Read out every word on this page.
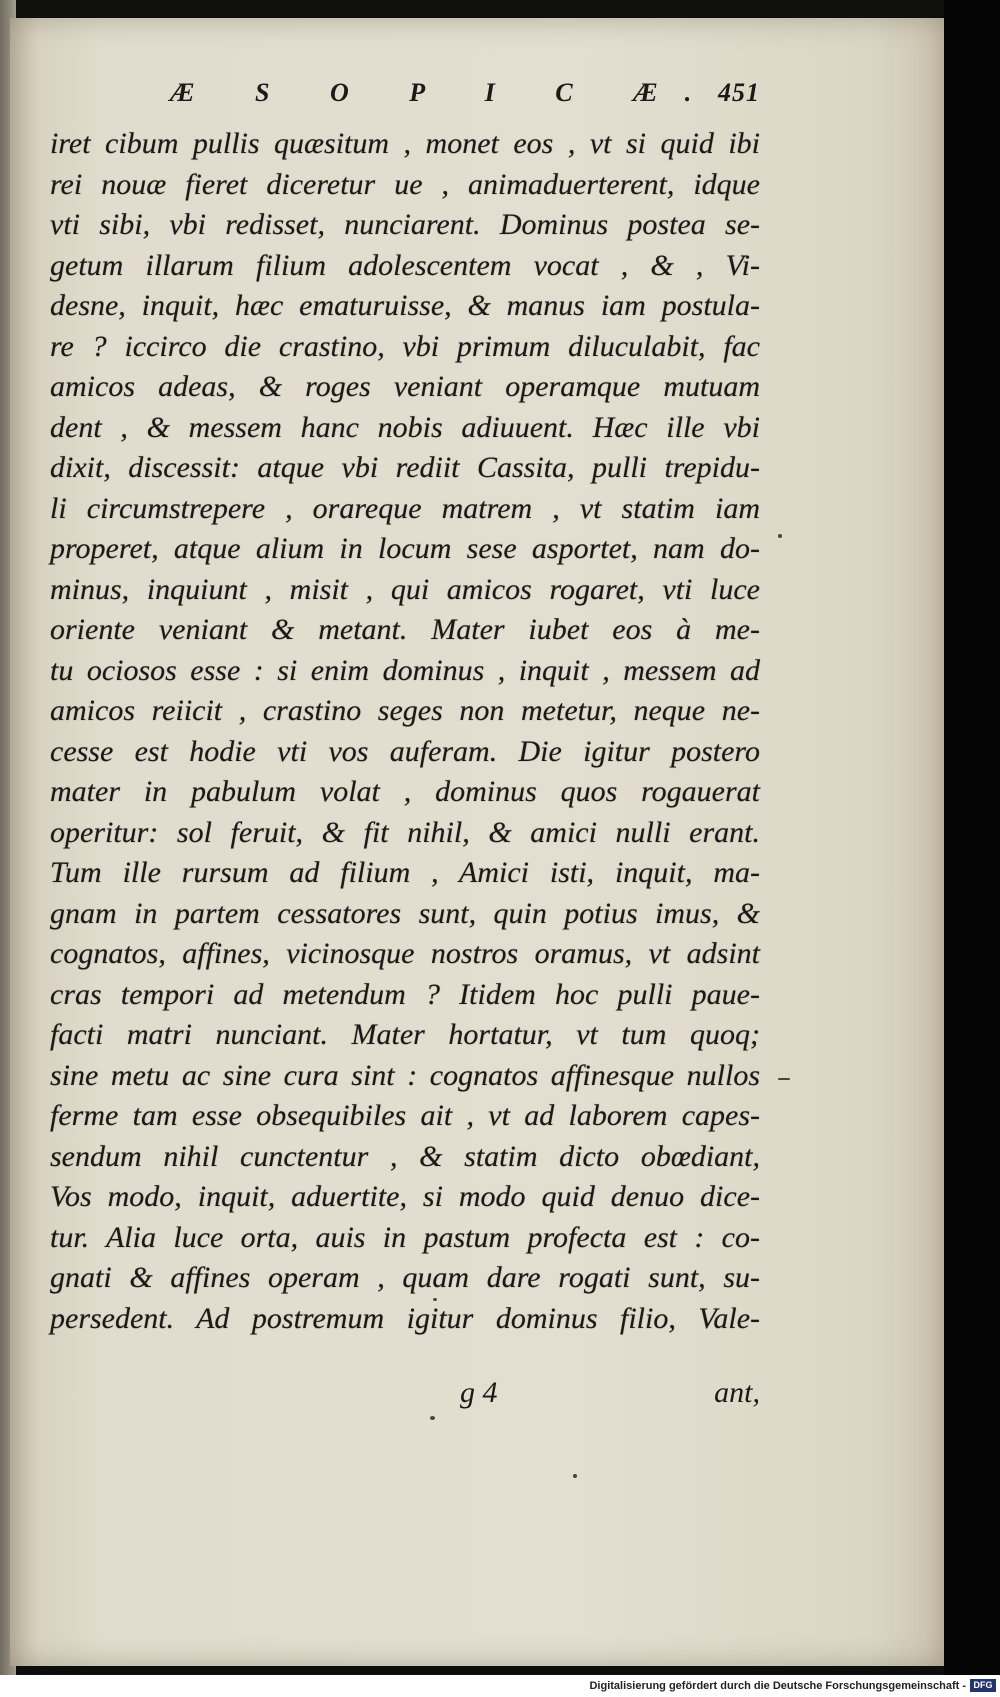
Æ S O P I C Æ. 451
iret cibum pullis quæsitum , monet eos , vt si quid ibi
rei nouæ fieret diceretur ue , animaduerterent, idque
vti sibi, vbi redisset, nunciarent. Dominus postea se-
getum illarum filium adolescentem vocat , & , Vi-
desne, inquit, hæc ematuruisse, & manus iam postula-
re ? iccirco die crastino, vbi primum diluculabit, fac
amicos adeas, & roges veniant operamque mutuam
dent , & messem hanc nobis adiuuent. Hæc ille vbi
dixit, discessit: atque vbi rediit Cassita, pulli trepidu-
li circumstrepere , orareque matrem , vt statim iam
properet, atque alium in locum sese asportet, nam do-
minus, inquiunt , misit , qui amicos rogaret, vti luce
oriente veniant & metant. Mater iubet eos à me-
tu ociosos esse : si enim dominus , inquit , messem ad
amicos reiicit , crastino seges non metetur, neque ne-
cesse est hodie vti vos auferam. Die igitur postero
mater in pabulum volat , dominus quos rogauerat
operitur: sol feruit, & fit nihil, & amici nulli erant.
Tum ille rursum ad filium , Amici isti, inquit, ma-
gnam in partem cessatores sunt, quin potius imus, &
cognatos, affines, vicinosque nostros oramus, vt adsint
cras tempori ad metendum ? Itidem hoc pulli paue-
facti matri nunciant. Mater hortatur, vt tum quoq;
sine metu ac sine cura sint : cognatos affinesque nullos
ferme tam esse obsequibiles ait , vt ad laborem capes-
sendum nihil cunctentur , & statim dicto obœdiant,
Vos modo, inquit, aduertite, si modo quid denuo dice-
tur. Alia luce orta, auis in pastum profecta est : co-
gnati & affines operam , quam dare rogati sunt, su-
persedent. Ad postremum igitur dominus filio, Vale-
g 4	ant,
Digitalisierung gefördert durch die Deutsche Forschungsgemeinschaft - DFG
